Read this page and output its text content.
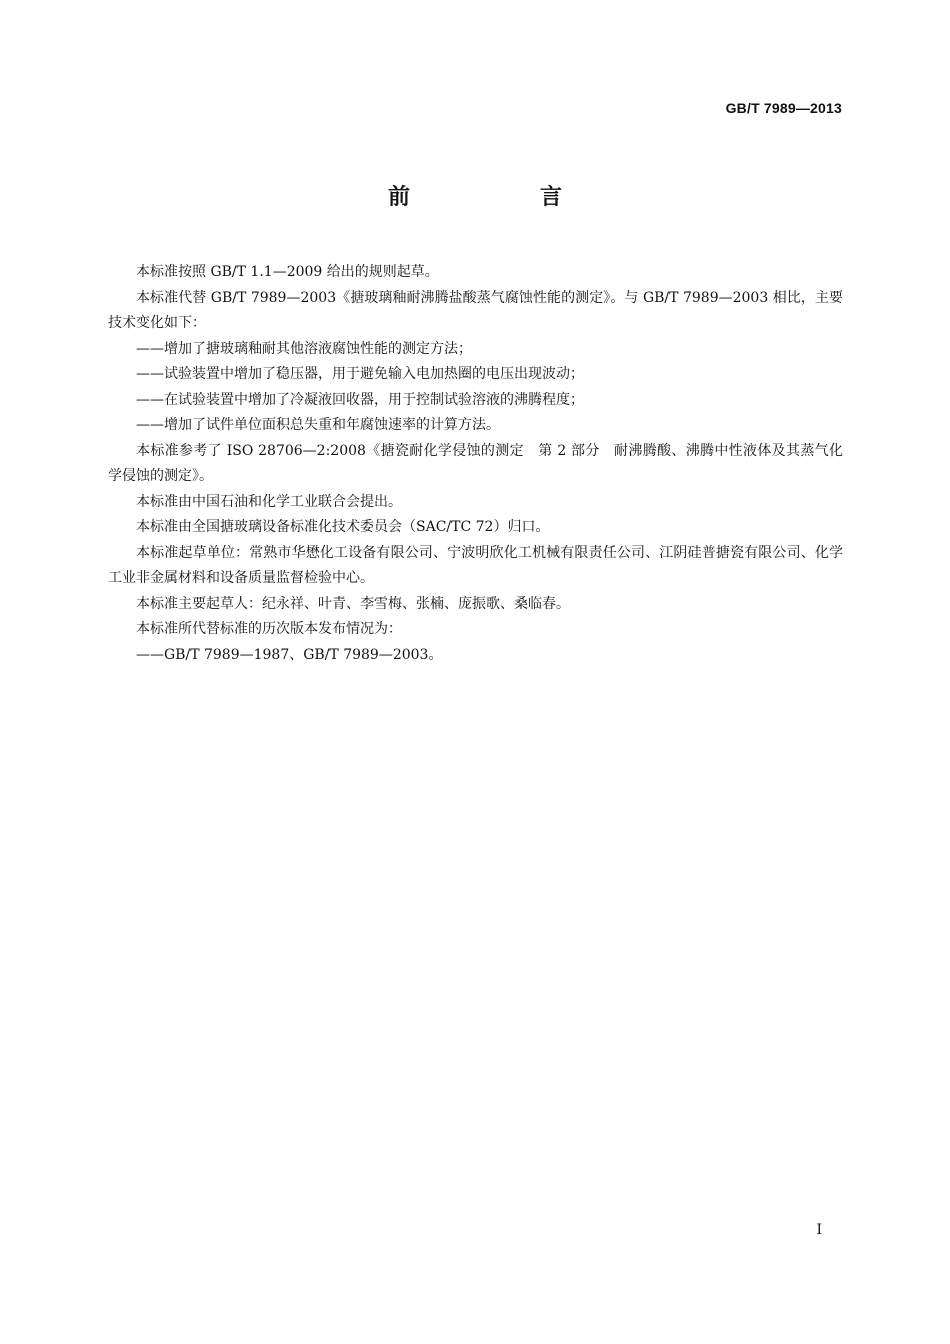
GB/T 7989—2013
前　言

本标准按照 GB/T 1.1—2009 给出的规则起草。

本标准代替 GB/T 7989—2003《搪玻璃釉耐沸腾盐酸蒸气腐蚀性能的测定》。与 GB/T 7989—2003 相比，主要技术变化如下：

——增加了搪玻璃釉耐其他溶液腐蚀性能的测定方法；

——试验装置中增加了稳压器，用于避免输入电加热圈的电压出现波动；

——在试验装置中增加了冷凝液回收器，用于控制试验溶液的沸腾程度；

——增加了试件单位面积总失重和年腐蚀速率的计算方法。

本标准参考了 ISO 28706—2:2008《搪瓷耐化学侵蚀的测定　第 2 部分　耐沸腾酸、沸腾中性液体及其蒸气化学侵蚀的测定》。

本标准由中国石油和化学工业联合会提出。

本标准由全国搪玻璃设备标准化技术委员会（SAC/TC 72）归口。

本标准起草单位：常熟市华懋化工设备有限公司、宁波明欣化工机械有限责任公司、江阴硅普搪瓷有限公司、化学工业非金属材料和设备质量监督检验中心。

本标准主要起草人：纪永祥、叶青、李雪梅、张楠、庞振歌、桑临春。

本标准所代替标准的历次版本发布情况为：

——GB/T 7989—1987、GB/T 7989—2003。

I
